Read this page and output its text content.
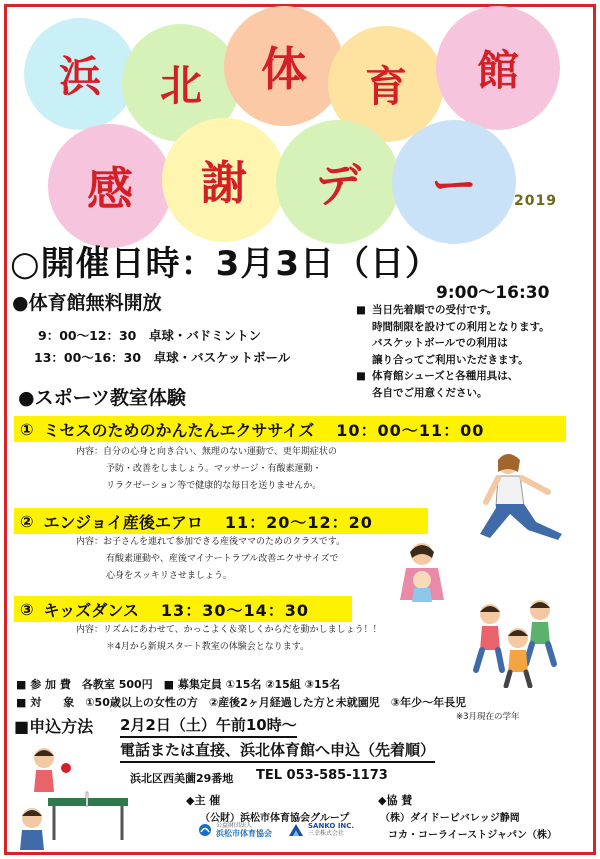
浜 北 体 育 館
感 謝 デ ー	2019
○開催日時：3月3日（日）
9:00～16:30
●体育館無料開放
9：00～12：30　卓球・バドミントン
13：00～16：30　卓球・バスケットボール
■ 当日先着順での受付です。
時間制限を設けての利用となります。
バスケットボールでの利用は
譲り合ってご利用いただきます。
■ 体育館シューズと各種用具は、
各自でご用意ください。
●スポーツ教室体験
① ミセスのためのかんたんエクササイズ 10：00～11：00
内容：自分の心身と向き合い、無理のない運動で、更年期症状の
予防・改善をしましょう。マッサージ・有酸素運動・
リラクゼーション等で健康的な毎日を送りませんか。
② エンジョイ産後エアロ 11：20～12：20
内容：お子さんを連れて参加できる産後ママのためのクラスです。
有酸素運動や、産後マイナートラブル改善エクササイズで
心身をスッキリさせましょう。
③ キッズダンス 13：30～14：30
内容：リズムにあわせて、かっこよく＆楽しくからだを動かしましょう！！
＊4月から新規スタート教室の体験会となります。
■ 参 加 費　各教室 500円　■ 募集定員 ①15名 ②15組 ③15名
■ 対　　象　①50歳以上の女性の方　②産後2ヶ月経過した方と未就園児　③年少～年長児
※3月現在の学年
■申込方法 2月2日（土）午前10時～
電話または直接、浜北体育館へ申込（先着順）
浜北区西美薗29番地 TEL 053-585-1173
◆主 催
（公財）浜松市体育協会グループ
公益財団法人
浜松市体育協会
SANKO INC.
三幸株式会社
◆協 賛
（株）ダイドービバレッジ静岡
コカ・コーライーストジャパン（株）
